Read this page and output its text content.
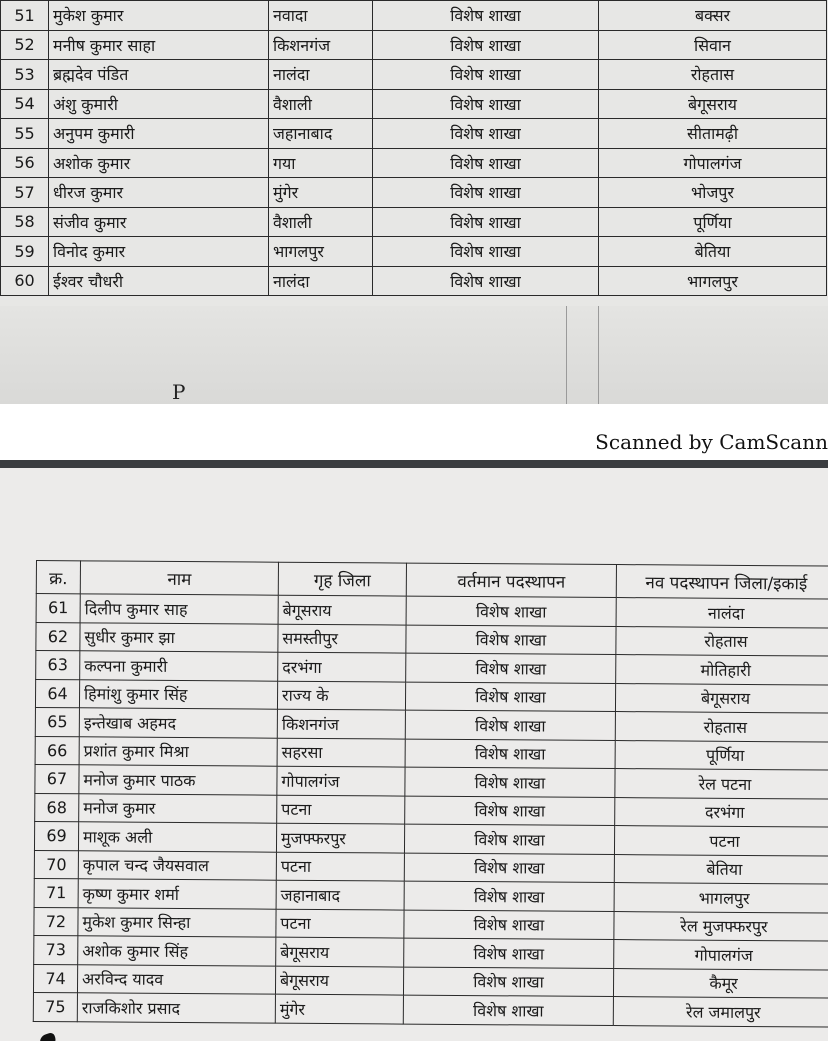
51	मुकेश कुमार	नवादा	विशेष शाखा	बक्सर
52	मनीष कुमार साहा	किशनगंज	विशेष शाखा	सिवान
53	ब्रह्मदेव पंडित	नालंदा	विशेष शाखा	रोहतास
54	अंशु कुमारी	वैशाली	विशेष शाखा	बेगूसराय
55	अनुपम कुमारी	जहानाबाद	विशेष शाखा	सीतामढ़ी
56	अशोक कुमार	गया	विशेष शाखा	गोपालगंज
57	धीरज कुमार	मुंगेर	विशेष शाखा	भोजपुर
58	संजीव कुमार	वैशाली	विशेष शाखा	पूर्णिया
59	विनोद कुमार	भागलपुर	विशेष शाखा	बेतिया
60	ईश्वर चौधरी	नालंदा	विशेष शाखा	भागलपुर
P
Scanned by CamScann
क्र.	नाम	गृह जिला	वर्तमान पदस्थापन	नव पदस्थापन जिला/इकाई
61	दिलीप कुमार साह	बेगूसराय	विशेष शाखा	नालंदा
62	सुधीर कुमार झा	समस्तीपुर	विशेष शाखा	रोहतास
63	कल्पना कुमारी	दरभंगा	विशेष शाखा	मोतिहारी
64	हिमांशु कुमार सिंह	राज्य के	विशेष शाखा	बेगूसराय
65	इन्तेखाब अहमद	किशनगंज	विशेष शाखा	रोहतास
66	प्रशांत कुमार मिश्रा	सहरसा	विशेष शाखा	पूर्णिया
67	मनोज कुमार पाठक	गोपालगंज	विशेष शाखा	रेल पटना
68	मनोज कुमार	पटना	विशेष शाखा	दरभंगा
69	माशूक अली	मुजफ्फरपुर	विशेष शाखा	पटना
70	कृपाल चन्द जैयसवाल	पटना	विशेष शाखा	बेतिया
71	कृष्ण कुमार शर्मा	जहानाबाद	विशेष शाखा	भागलपुर
72	मुकेश कुमार सिन्हा	पटना	विशेष शाखा	रेल मुजफ्फरपुर
73	अशोक कुमार सिंह	बेगूसराय	विशेष शाखा	गोपालगंज
74	अरविन्द यादव	बेगूसराय	विशेष शाखा	कैमूर
75	राजकिशोर प्रसाद	मुंगेर	विशेष शाखा	रेल जमालपुर
